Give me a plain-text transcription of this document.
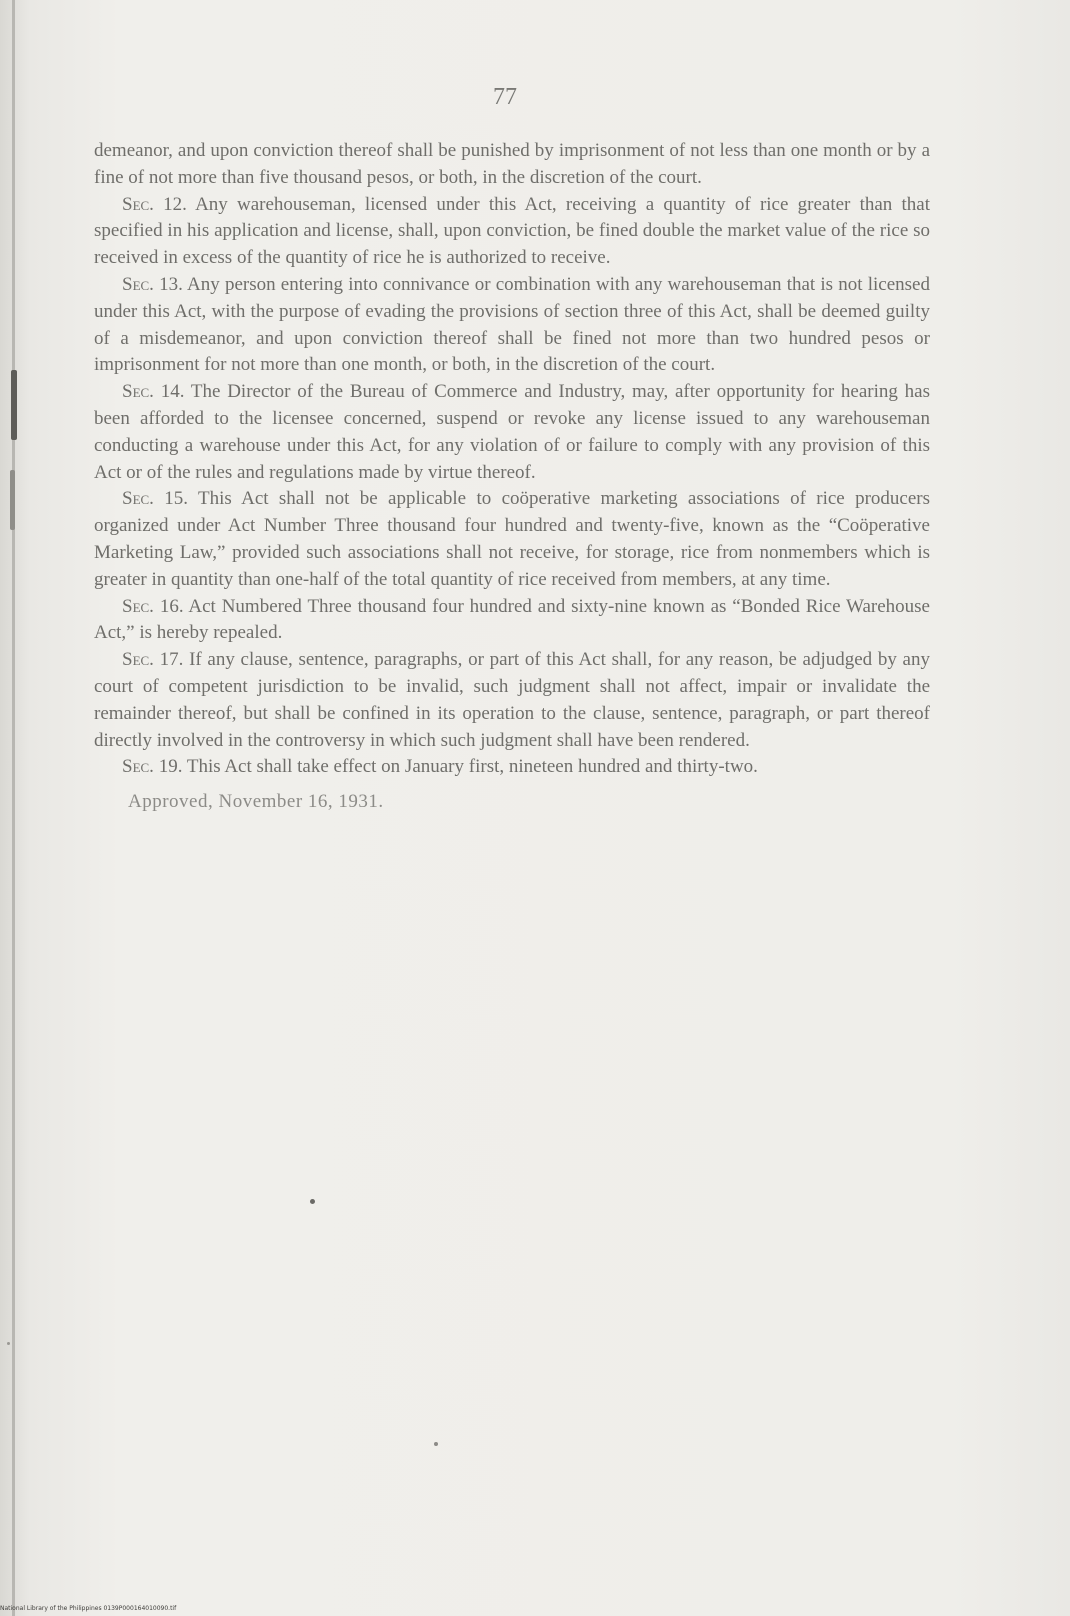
77

demeanor, and upon conviction thereof shall be punished by imprisonment of not less than one month or by a fine of not more than five thousand pesos, or both, in the discretion of the court.

Sec. 12. Any warehouseman, licensed under this Act, receiving a quantity of rice greater than that specified in his application and license, shall, upon conviction, be fined double the market value of the rice so received in excess of the quantity of rice he is authorized to receive.

Sec. 13. Any person entering into connivance or combination with any warehouseman that is not licensed under this Act, with the purpose of evading the provisions of section three of this Act, shall be deemed guilty of a misdemeanor, and upon conviction thereof shall be fined not more than two hundred pesos or imprisonment for not more than one month, or both, in the discretion of the court.

Sec. 14. The Director of the Bureau of Commerce and Industry, may, after opportunity for hearing has been afforded to the licensee concerned, suspend or revoke any license issued to any warehouseman conducting a warehouse under this Act, for any violation of or failure to comply with any provision of this Act or of the rules and regulations made by virtue thereof.

Sec. 15. This Act shall not be applicable to coöperative marketing associations of rice producers organized under Act Number Three thousand four hundred and twenty-five, known as the “Coöperative Marketing Law,” provided such associations shall not receive, for storage, rice from nonmembers which is greater in quantity than one-half of the total quantity of rice received from members, at any time.

Sec. 16. Act Numbered Three thousand four hundred and sixty-nine known as “Bonded Rice Warehouse Act,” is hereby repealed.

Sec. 17. If any clause, sentence, paragraphs, or part of this Act shall, for any reason, be adjudged by any court of competent jurisdiction to be invalid, such judgment shall not affect, impair or invalidate the remainder thereof, but shall be confined in its operation to the clause, sentence, paragraph, or part thereof directly involved in the controversy in which such judgment shall have been rendered.

Sec. 19. This Act shall take effect on January first, nineteen hundred and thirty-two.

Approved, November 16, 1931.

National Library of the Philippines 0139P000164010090.tif
